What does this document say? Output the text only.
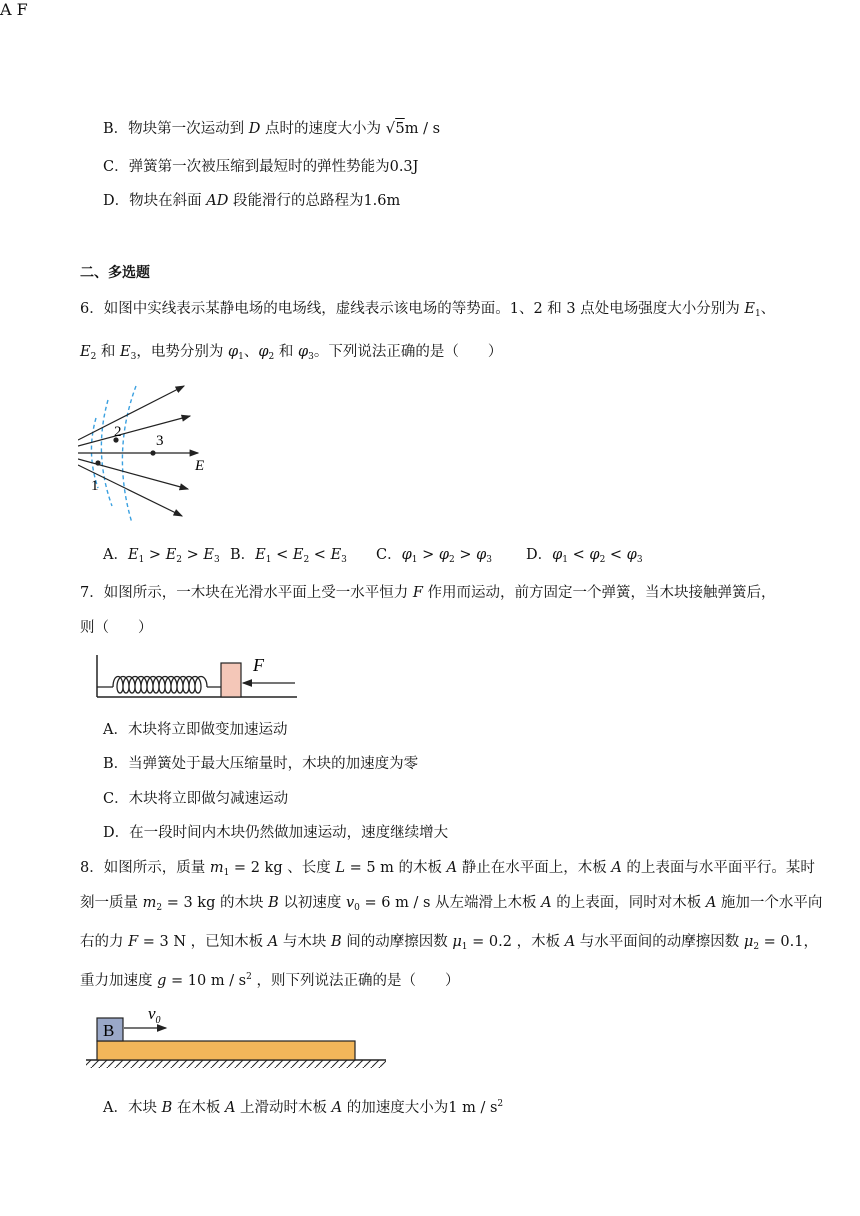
B．物块第一次运动到 D 点时的速度大小为 √5m / s
C．弹簧第一次被压缩到最短时的弹性势能为0.3J
D．物块在斜面 AD 段能滑行的总路程为1.6m
二、多选题
6．如图中实线表示某静电场的电场线，虚线表示该电场的等势面。1、2 和 3 点处电场强度大小分别为 $E_1$、
$E_2$ 和 $E_3$，电势分别为 $\varphi_1$、$\varphi_2$ 和 $\varphi_3$。下列说法正确的是（　　）
2
3
1
E
A．$E_1 > E_2 > E_3$ B．$E_1 < E_2 < E_3$ C．$\varphi_1 > \varphi_2 > \varphi_3$ D．$\varphi_1 < \varphi_2 < \varphi_3$
7．如图所示，一木块在光滑水平面上受一水平恒力 F 作用而运动，前方固定一个弹簧，当木块接触弹簧后，
则（　　）
F
A．木块将立即做变加速运动
B．当弹簧处于最大压缩量时，木块的加速度为零
C．木块将立即做匀减速运动
D．在一段时间内木块仍然做加速运动，速度继续增大
8．如图所示，质量 $m_1 = 2$ kg 、长度 L = 5 m 的木板 A 静止在水平面上，木板 A 的上表面与水平面平行。某时
刻一质量 $m_2 = 3$ kg 的木块 B 以初速度 $v_0 = 6$ m / s 从左端滑上木板 A 的上表面，同时对木板 A 施加一个水平向
右的力 F = 3 N ，已知木板 A 与木块 B 间的动摩擦因数 $\mu_1 = 0.2$ ，木板 A 与水平面间的动摩擦因数 $\mu_2 = 0.1$，
重力加速度 g = 10 m / $s^2$ ，则下列说法正确的是（　　）
B
$v_0$
A F
A．木块 B 在木板 A 上滑动时木板 A 的加速度大小为1 m / $s^2$
